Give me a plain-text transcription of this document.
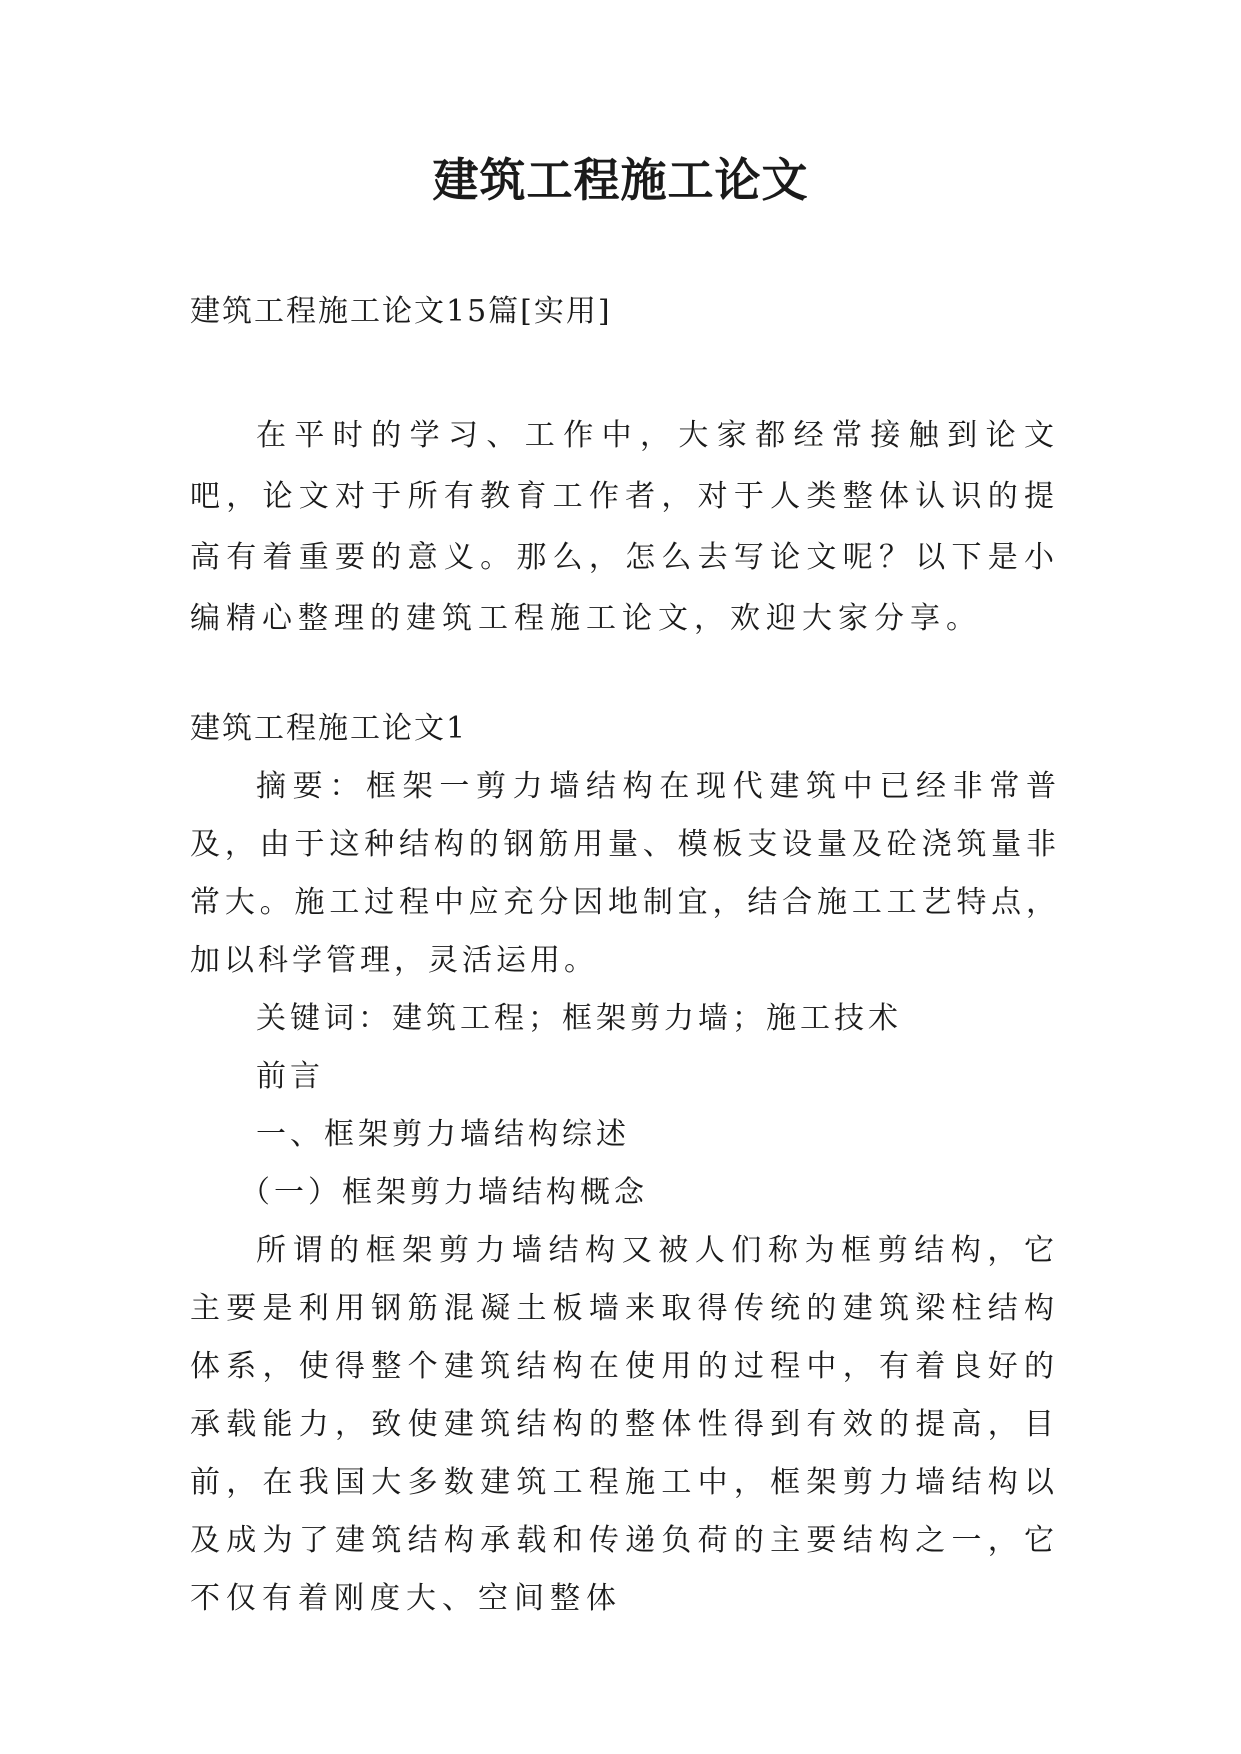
建筑工程施工论文

建筑工程施工论文15篇[实用]

在平时的学习、工作中，大家都经常接触到论文吧，论文对于所有教育工作者，对于人类整体认识的提高有着重要的意义。那么，怎么去写论文呢？以下是小编精心整理的建筑工程施工论文，欢迎大家分享。

建筑工程施工论文1

摘要：框架一剪力墙结构在现代建筑中已经非常普及，由于这种结构的钢筋用量、模板支设量及砼浇筑量非常大。施工过程中应充分因地制宜，结合施工工艺特点，加以科学管理，灵活运用。

关键词：建筑工程；框架剪力墙；施工技术

前言

一、框架剪力墙结构综述

（一）框架剪力墙结构概念

所谓的框架剪力墙结构又被人们称为框剪结构，它主要是利用钢筋混凝土板墙来取得传统的建筑梁柱结构体系，使得整个建筑结构在使用的过程中，有着良好的承载能力，致使建筑结构的整体性得到有效的提高，目前，在我国大多数建筑工程施工中，框架剪力墙结构以及成为了建筑结构承载和传递负荷的主要结构之一，它不仅有着刚度大、空间整体
